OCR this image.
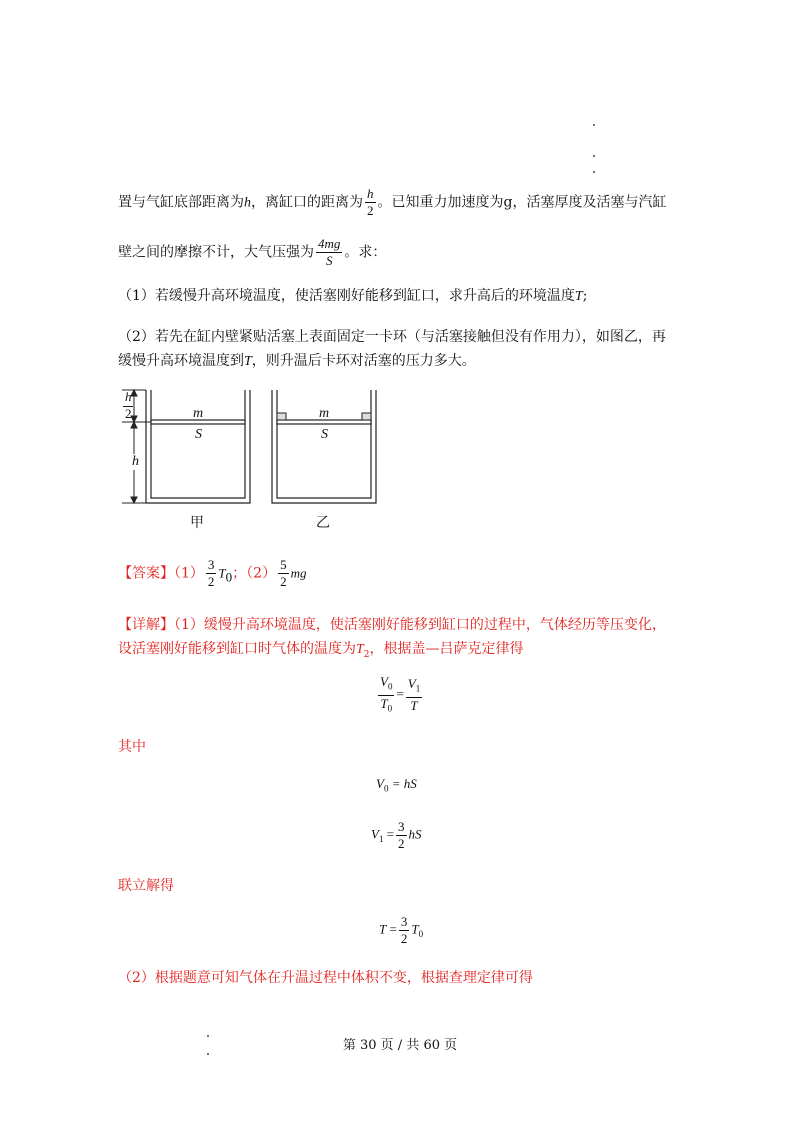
置与气缸底部距离为h，离缸口的距离为 $\frac{h}{2}$ 。已知重力加速度为g，活塞厚度及活塞与汽缸
壁之间的摩擦不计，大气压强为 $\frac{4mg}{S}$ 。求：
（1）若缓慢升高环境温度，使活塞刚好能移到缸口，求升高后的环境温度T;
（2）若先在缸内壁紧贴活塞上表面固定一卡环（与活塞接触但没有作用力），如图乙，再
缓慢升高环境温度到T，则升温后卡环对活塞的压力多大。
h
2
h
m
S
m
S
甲	乙
【答案】$(1) \frac{3}{2} T_0$；$(2) \frac{5}{2}$ mg
【详解】（1）缓慢升高环境温度，使活塞刚好能移到缸口的过程中，气体经历等压变化，
设活塞刚好能移到缸口时气体的温度为$T_2$，根据盖—吕萨克定律得
$\frac{V_0}{T_0} = \frac{V_1}{T}$
其中
$V_0$ = hS
$V_1 = \frac{3}{2}$ hS
联立解得
$T = \frac{3}{2} T_0$
（2）根据题意可知气体在升温过程中体积不变，根据查理定律可得
第 30 页 / 共 60 页
